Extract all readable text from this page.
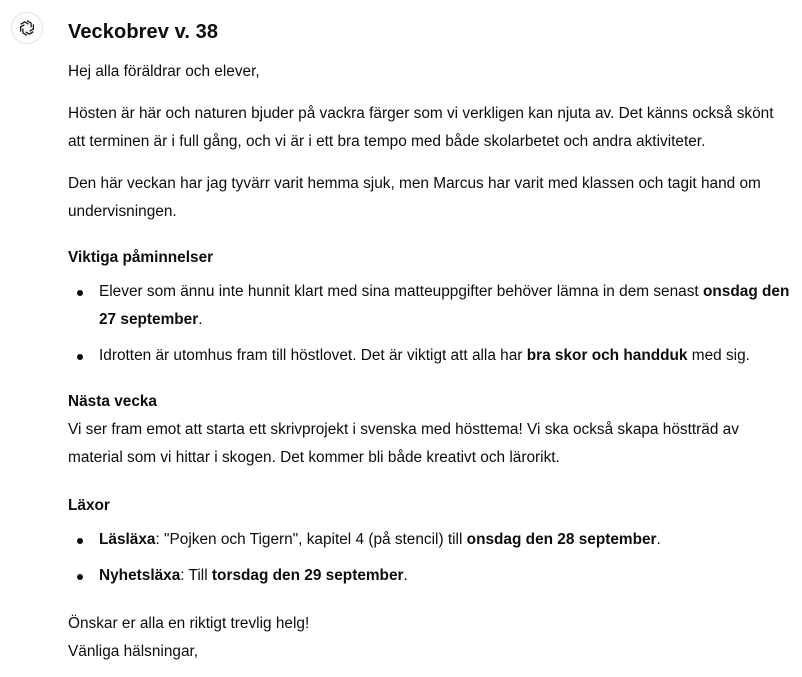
Veckobrev v. 38

Hej alla föräldrar och elever,

Hösten är här och naturen bjuder på vackra färger som vi verkligen kan njuta av. Det känns också skönt att terminen är i full gång, och vi är i ett bra tempo med både skolarbetet och andra aktiviteter.

Den här veckan har jag tyvärr varit hemma sjuk, men Marcus har varit med klassen och tagit hand om undervisningen.

Viktiga påminnelser
Elever som ännu inte hunnit klart med sina matteuppgifter behöver lämna in dem senast onsdag den 27 september.
Idrotten är utomhus fram till höstlovet. Det är viktigt att alla har bra skor och handduk med sig.
Nästa vecka

Vi ser fram emot att starta ett skrivprojekt i svenska med hösttema! Vi ska också skapa höstträd av material som vi hittar i skogen. Det kommer bli både kreativt och lärorikt.

Läxor
Läsläxa: "Pojken och Tigern", kapitel 4 (på stencil) till onsdag den 28 september.
Nyhetsläxa: Till torsdag den 29 september.

Önskar er alla en riktigt trevlig helg!

Vänliga hälsningar,
